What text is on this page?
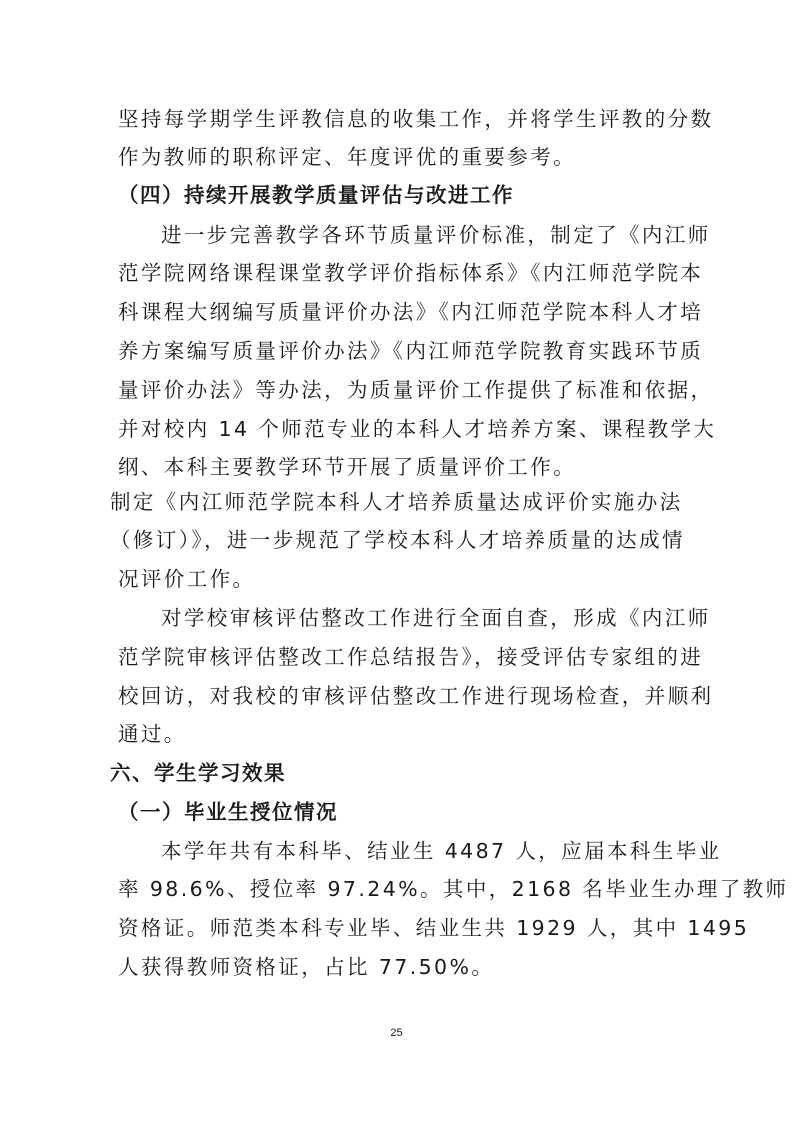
坚持每学期学生评教信息的收集工作，并将学生评教的分数
作为教师的职称评定、年度评优的重要参考。
（四）持续开展教学质量评估与改进工作
进一步完善教学各环节质量评价标准，制定了《内江师
范学院网络课程课堂教学评价指标体系》《内江师范学院本
科课程大纲编写质量评价办法》《内江师范学院本科人才培
养方案编写质量评价办法》《内江师范学院教育实践环节质
量评价办法》等办法，为质量评价工作提供了标准和依据，
并对校内 14 个师范专业的本科人才培养方案、课程教学大
纲、本科主要教学环节开展了质量评价工作。
制定《内江师范学院本科人才培养质量达成评价实施办法
（修订）》，进一步规范了学校本科人才培养质量的达成情
况评价工作。
对学校审核评估整改工作进行全面自查，形成《内江师
范学院审核评估整改工作总结报告》，接受评估专家组的进
校回访，对我校的审核评估整改工作进行现场检查，并顺利
通过。
六、学生学习效果
（一）毕业生授位情况
本学年共有本科毕、结业生 4487 人，应届本科生毕业
率 98.6%、授位率 97.24%。其中，2168 名毕业生办理了教师
资格证。师范类本科专业毕、结业生共 1929 人，其中 1495
人获得教师资格证，占比 77.50%。
25
